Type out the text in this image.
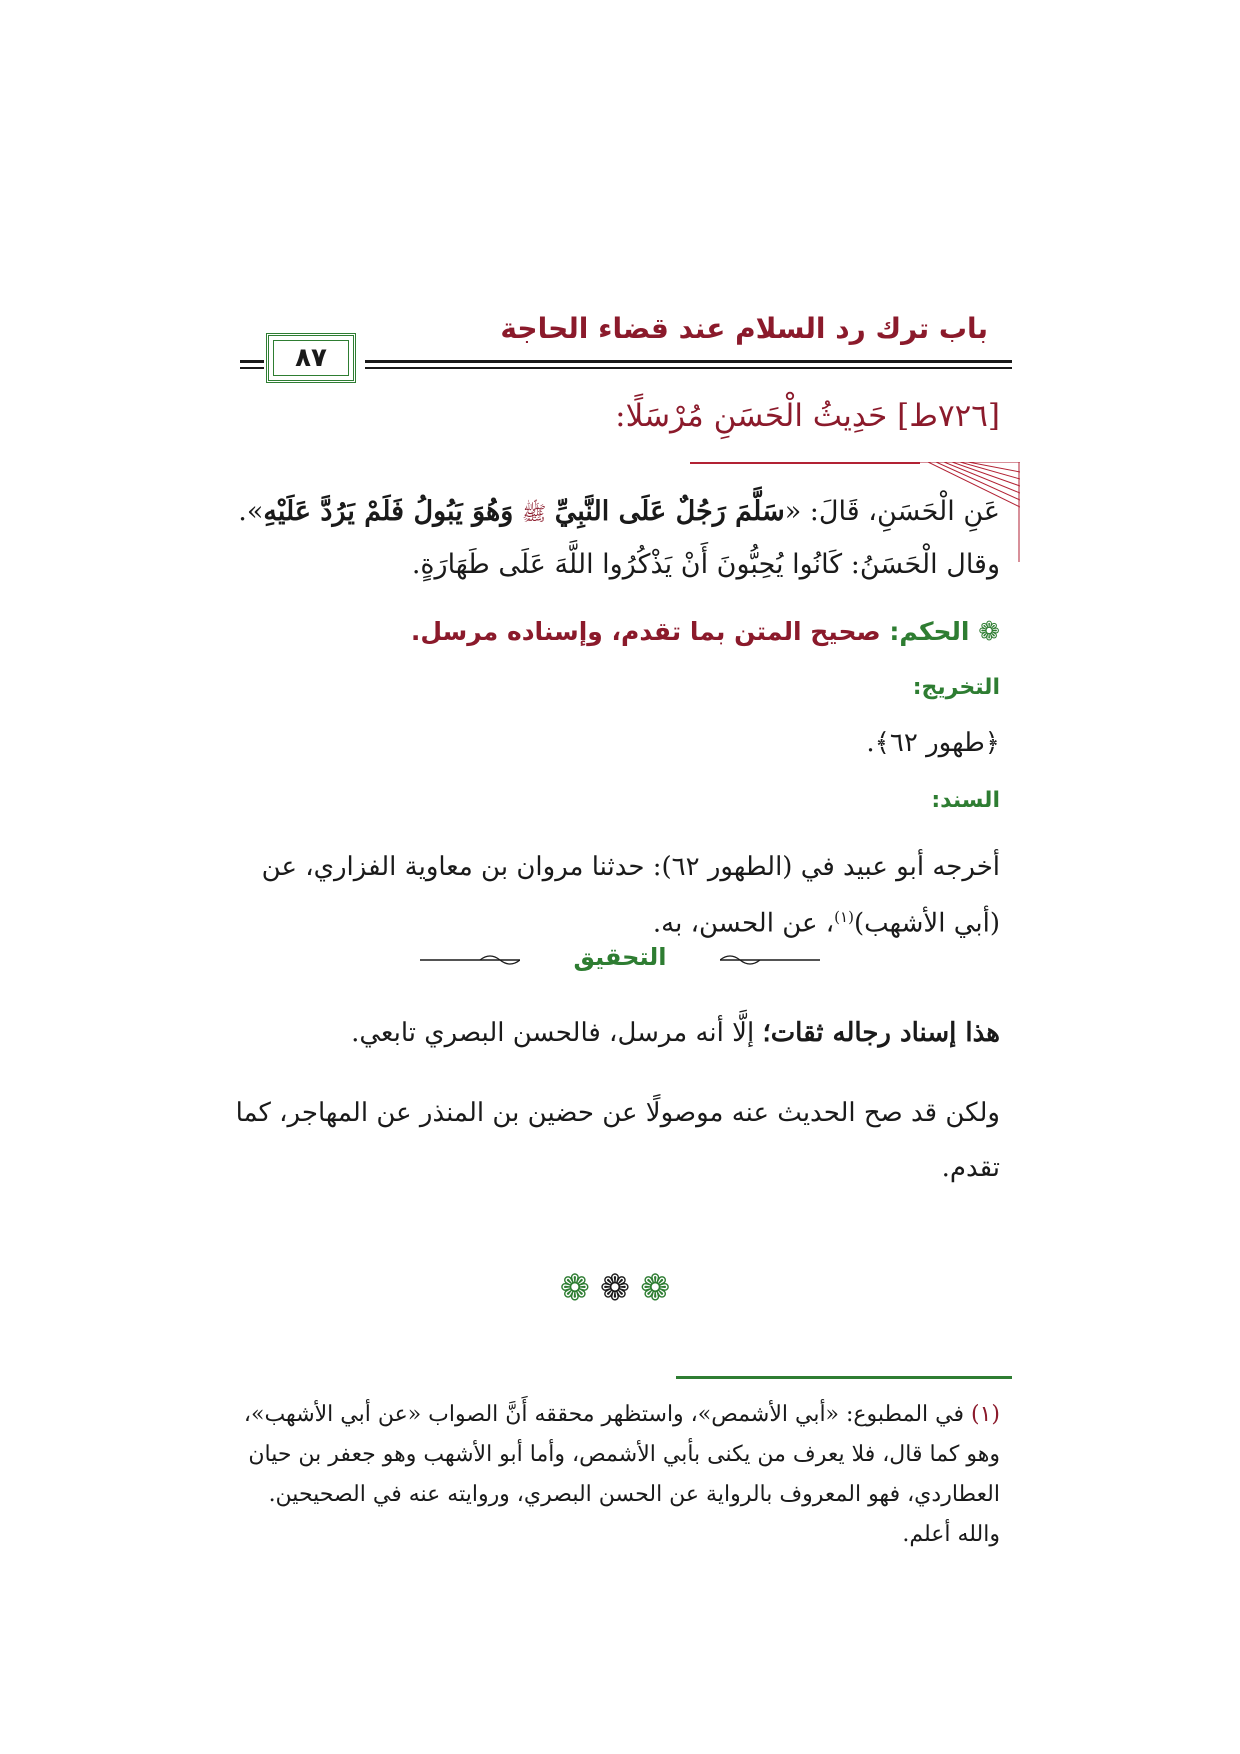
باب ترك رد السلام عند قضاء الحاجة
٨٧
[٧٢٦ط] حَدِيثُ الْحَسَنِ مُرْسَلًا:
عَنِ الْحَسَنِ، قَالَ: «سَلَّمَ رَجُلٌ عَلَى النَّبِيِّ ﷺ وَهُوَ يَبُولُ فَلَمْ يَرُدَّ عَلَيْهِ».
وقال الْحَسَنُ: كَانُوا يُحِبُّونَ أَنْ يَذْكُرُوا اللَّهَ عَلَى طَهَارَةٍ.
❁ الحكم: صحيح المتن بما تقدم، وإسناده مرسل.
التخريج:
﴿طهور ٦٢﴾.
السند:
أخرجه أبو عبيد في (الطهور ٦٢): حدثنا مروان بن معاوية الفزاري، عن (أبي الأشهب)$^{(١)}$، عن الحسن، به.
التحقيق
هذا إسناد رجاله ثقات؛ إلَّا أنه مرسل، فالحسن البصري تابعي.
ولكن قد صح الحديث عنه موصولًا عن حضين بن المنذر عن المهاجر، كما تقدم.
❁❁❁
(١) في المطبوع: «أبي الأشمص»، واستظهر محققه أَنَّ الصواب «عن أبي الأشهب»، وهو كما قال، فلا يعرف من يكنى بأبي الأشمص، وأما أبو الأشهب وهو جعفر بن حيان العطاردي، فهو المعروف بالرواية عن الحسن البصري، وروايته عنه في الصحيحين. والله أعلم.
